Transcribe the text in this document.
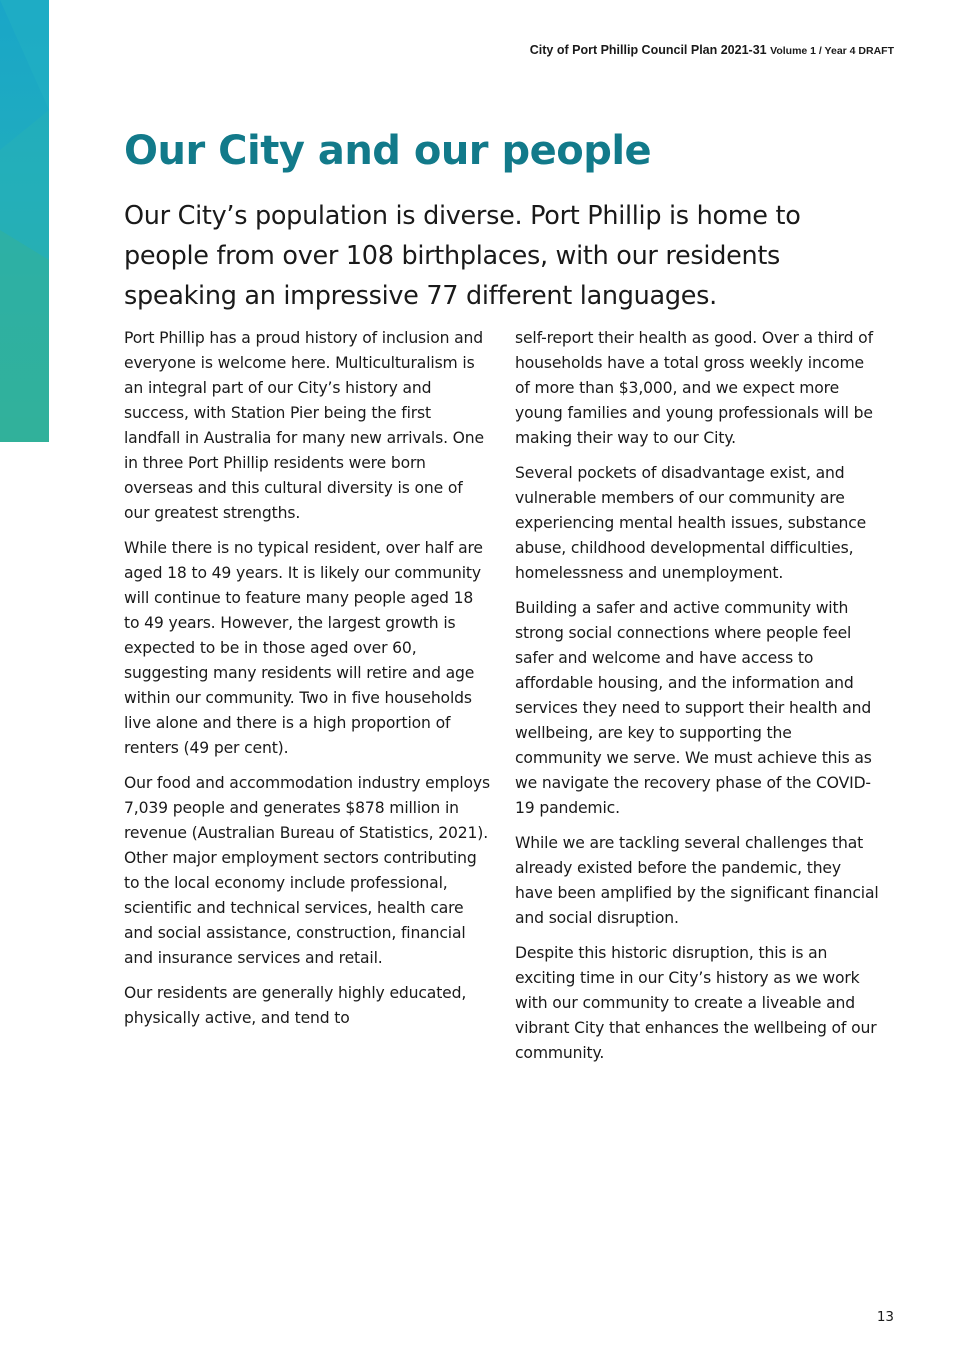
City of Port Phillip Council Plan 2021-31 Volume 1 / Year 4 DRAFT
Our City and our people

Our City’s population is diverse. Port Phillip is home to people from over 108 birthplaces, with our residents speaking an impressive 77 different languages.

Port Phillip has a proud history of inclusion and everyone is welcome here. Multiculturalism is an integral part of our City’s history and success, with Station Pier being the first landfall in Australia for many new arrivals. One in three Port Phillip residents were born overseas and this cultural diversity is one of our greatest strengths.

While there is no typical resident, over half are aged 18 to 49 years. It is likely our community will continue to feature many people aged 18 to 49 years. However, the largest growth is expected to be in those aged over 60, suggesting many residents will retire and age within our community. Two in five households live alone and there is a high proportion of renters (49 per cent).

Our food and accommodation industry employs 7,039 people and generates $878 million in revenue (Australian Bureau of Statistics, 2021). Other major employment sectors contributing to the local economy include professional, scientific and technical services, health care and social assistance, construction, financial and insurance services and retail.

Our residents are generally highly educated, physically active, and tend to

self-report their health as good. Over a third of households have a total gross weekly income of more than $3,000, and we expect more young families and young professionals will be making their way to our City.

Several pockets of disadvantage exist, and vulnerable members of our community are experiencing mental health issues, substance abuse, childhood developmental difficulties, homelessness and unemployment.

Building a safer and active community with strong social connections where people feel safer and welcome and have access to affordable housing, and the information and services they need to support their health and wellbeing, are key to supporting the community we serve. We must achieve this as we navigate the recovery phase of the COVID-19 pandemic.

While we are tackling several challenges that already existed before the pandemic, they have been amplified by the significant financial and social disruption.

Despite this historic disruption, this is an exciting time in our City’s history as we work with our community to create a liveable and vibrant City that enhances the wellbeing of our community.

13
